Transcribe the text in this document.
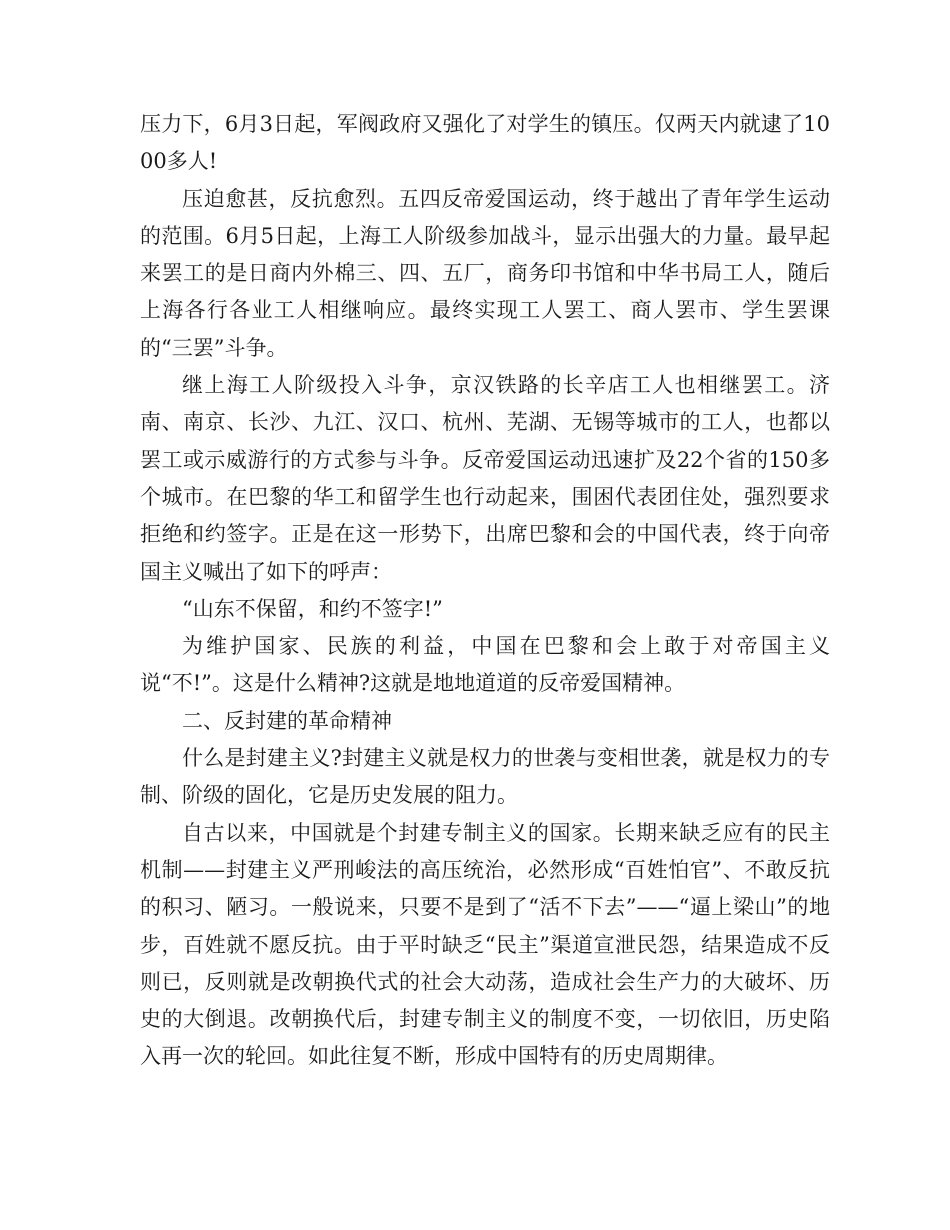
压力下，6月3日起，军阀政府又强化了对学生的镇压。仅两天内就逮了1000多人!

压迫愈甚，反抗愈烈。五四反帝爱国运动，终于越出了青年学生运动的范围。6月5日起，上海工人阶级参加战斗，显示出强大的力量。最早起来罢工的是日商内外棉三、四、五厂，商务印书馆和中华书局工人，随后上海各行各业工人相继响应。最终实现工人罢工、商人罢市、学生罢课的“三罢”斗争。

继上海工人阶级投入斗争，京汉铁路的长辛店工人也相继罢工。济南、南京、长沙、九江、汉口、杭州、芜湖、无锡等城市的工人，也都以罢工或示威游行的方式参与斗争。反帝爱国运动迅速扩及22个省的150多个城市。在巴黎的华工和留学生也行动起来，围困代表团住处，强烈要求拒绝和约签字。正是在这一形势下，出席巴黎和会的中国代表，终于向帝国主义喊出了如下的呼声：

“山东不保留，和约不签字!”

为维护国家、民族的利益，中国在巴黎和会上敢于对帝国主义说“不!”。这是什么精神?这就是地地道道的反帝爱国精神。

二、反封建的革命精神

什么是封建主义?封建主义就是权力的世袭与变相世袭，就是权力的专制、阶级的固化，它是历史发展的阻力。

自古以来，中国就是个封建专制主义的国家。长期来缺乏应有的民主机制——封建主义严刑峻法的高压统治，必然形成“百姓怕官”、不敢反抗的积习、陋习。一般说来，只要不是到了“活不下去”——“逼上梁山”的地步，百姓就不愿反抗。由于平时缺乏“民主”渠道宣泄民怨，结果造成不反则已，反则就是改朝换代式的社会大动荡，造成社会生产力的大破坏、历史的大倒退。改朝换代后，封建专制主义的制度不变，一切依旧，历史陷入再一次的轮回。如此往复不断，形成中国特有的历史周期律。
